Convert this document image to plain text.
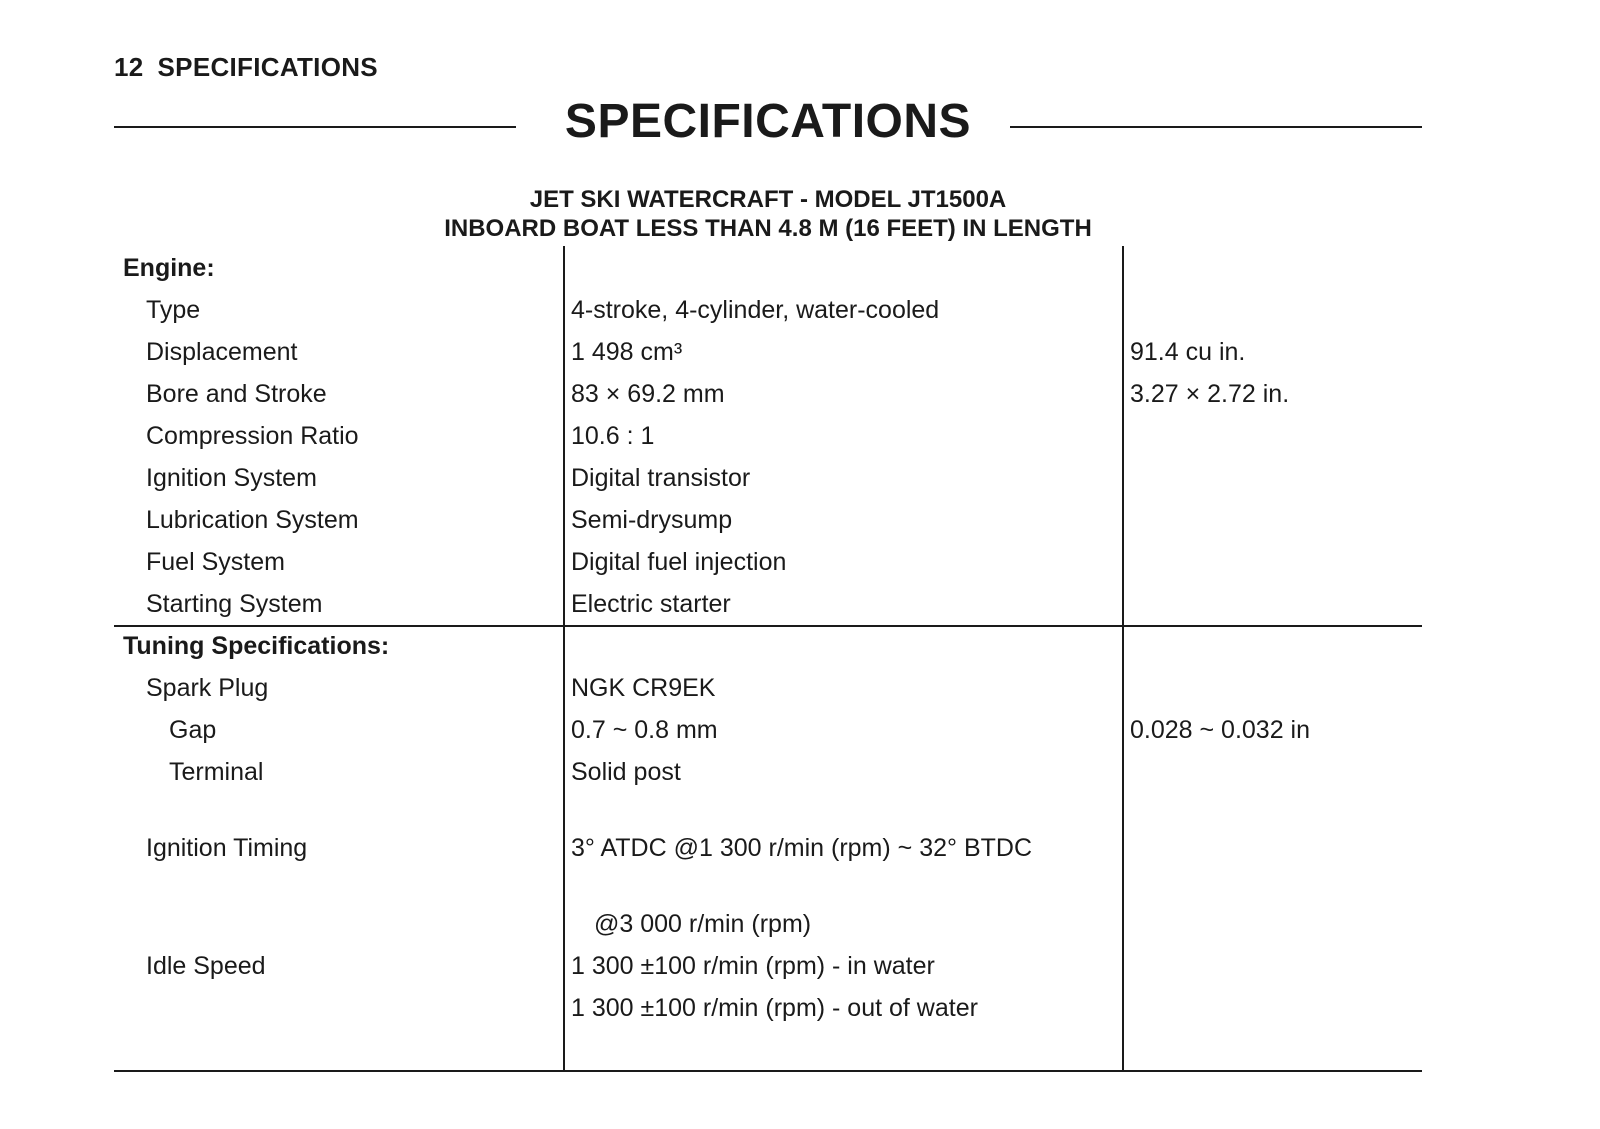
12 SPECIFICATIONS
SPECIFICATIONS
JET SKI WATERCRAFT - MODEL JT1500A
INBOARD BOAT LESS THAN 4.8 M (16 FEET) IN LENGTH
Engine:
Type	4-stroke, 4-cylinder, water-cooled
Displacement	1 498 cm³	91.4 cu in.
Bore and Stroke	83 × 69.2 mm	3.27 × 2.72 in.
Compression Ratio	10.6 : 1
Ignition System	Digital transistor
Lubrication System	Semi-drysump
Fuel System	Digital fuel injection
Starting System	Electric starter
Tuning Specifications:
Spark Plug	NGK CR9EK
Gap	0.7 ~ 0.8 mm	0.028 ~ 0.032 in
Terminal	Solid post
Ignition Timing	3° ATDC @1 300 r/min (rpm) ~ 32° BTDC
@3 000 r/min (rpm)
Idle Speed	1 300 ±100 r/min (rpm) - in water
1 300 ±100 r/min (rpm) - out of water
